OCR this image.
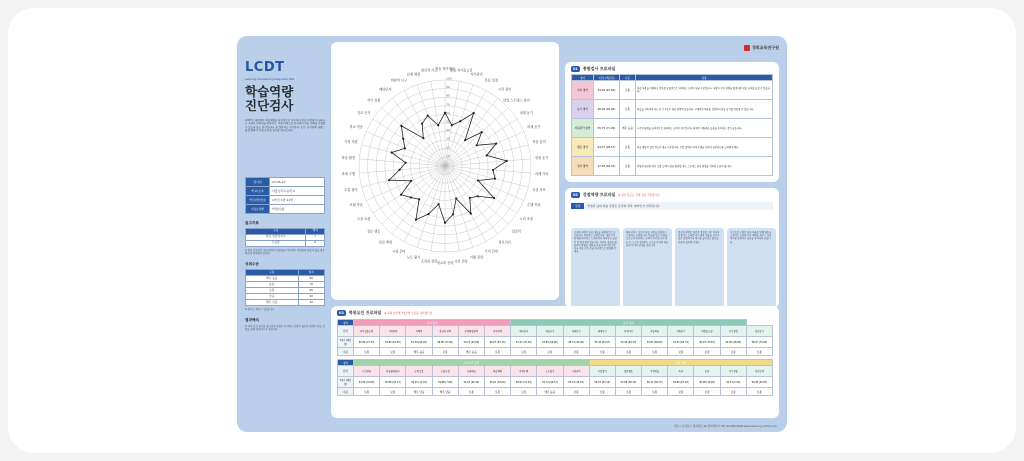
LCDT
Learning Competency Diagnostic Test
학습역량
진단검사
LCDT는 대학생의 학습역량을 다각적으로 진단하여 학습 과정에서 나타나는 강점과 보완점을 파악하고, 이를 바탕으로 효과적인 학습 전략을 수립할 수 있도록 돕는 검사입니다. 본 결과지는 자기관리, 동기, 인지전략, 행동, 환경 영역의 하위 요인별 점수를 제시합니다.
검사일	23-05-27
학교/소속	서울성덕고등학교
학년/반/번호	1학년 1반 11번
이름/성별	학생이/남
참고자료
구분	해석
반응 일관성지수	Y
무응답	0
※ 반응 일관성은 응답 방식의 일관성을 의미하며, 비일관적 응답이 많을 경우 해석에 유의해야 합니다.
성취수준
구분	점수
매우 높음	80
높음	70
보통	60
낮음	40
매우 낮음	30
※ 점수는 T점수 기준입니다.
결과해석
※ 하위 요인 점수를 참고하여 강점은 유지하고 보완이 필요한 영역은 학습 전략을 통해 개선하시기 바랍니다.
10
20
30
40
50
60
70
80
90
100
학습 자아개념
학업 자기효능감
자기관리
목표 설정
시간 관리
학업 스트레스 관리
내재 동기
외재 동기
학습 흥미
성취 동기
과제 가치
숙달 목표
수행 목표
노력 조절
집중력
정보처리
기억 전략
이해 전략
시연 전략
정교화 전략
조직화 전략
노트 필기
시험 준비
학습 계획
질문 행동
도움 요청
또래 학습
수업 참여
과제 수행
학습 환경
가정 지원
학교 적응
진로 인식
자기 성찰
메타인지
비판적 사고
문제 해결
창의적 사고
경희교육연구원
01	종합검사 프로파일
영역	T점수(백분위)	수준	설명
인지 영역	54.44 (67.00)	보통	학습 내용을 이해하고 정보를 효율적으로 처리하는 능력이 평균 수준입니다. 다양한 인지 전략을 활용하면 학습 효과를 높일 수 있습니다.
동기 영역	48.29 (44.00)	보통	학습을 지속하게 하는 동기 수준이 평균 범위에 있습니다. 구체적인 목표를 설정하여 학습 동기를 강화할 수 있습니다.
자원관리 영역	55.75 (71.00)	매우 높음	시간과 환경을 효과적으로 관리하는 능력이 우수합니다. 현재의 자원관리 습관을 유지하는 것이 좋습니다.
행동 영역	44.47 (28.57)	보통	학습 행동의 실천 정도가 평균 수준입니다. 수업 참여와 과제 수행을 꾸준히 실천하도록 노력해 보세요.
정서 영역	47.93 (42.47)	보통	학업과 관련된 정서 조절 능력이 평균 범위입니다. 스트레스 관리 방법을 익히면 도움이 됩니다.
02	강점역량 프로파일 ※ 점수 분포는 전체 집단 기준입니다.
강점	학생이 님의 학습 강점은 조직화 전략, 메타인지 전략입니다.
조직화 전략은 학습 내용을 체계적으로 구조화하고 정리하는 능력입니다. 개념 간의 관계를 파악하고 도식화하여 정리하는 습관이 잘 형성되어 있습니다. 이러한 강점을 활용하여 복잡한 내용을 학습할 때 마인드맵이나 개요 작성 등을 적극적으로 활용해 보세요.
메타인지는 자신의 학습 과정을 점검하고 조절하는 능력입니다. 무엇을 알고 무엇을 모르는지 파악하는 능력이 우수합니다. 학습 후 스스로 점검하는 시간을 가지면 학습 효과가 더욱 향상될 것입니다.
정교화 전략은 새로운 정보를 기존 지식과 연결하는 능력입니다. 배운 내용을 자신의 말로 설명하거나 예시를 들어보는 활동을 꾸준히 실천해 보세요.
자기조절 능력은 학습 목표를 향해 행동을 조절하는 능력입니다. 계획을 세우고 실천 여부를 점검하는 습관을 유지하면 좋습니다.
03	학위요인 프로파일 ※ 하위 요인별 T점수와 수준을 나타냅니다.
영역	인지 영역						동기 영역									
요인	주의집중능력	기억전략	이해력	정교화 전략	문제해결전략	인지전략	메타인지	학습동기	내재동기	외재동기	과제가치	숙달목표	성취동기	학업효능감	자기결정	진로동기
T점수 (백분위)	50.86 (47.33)	53.82 (61.00)	51.39 (64.00)	46.89 (37.00)	40.73 (23.00)	62.07 (87.33)	57.47 (70.40)	53.83 (56.00)	48.71 (44.00)	53.43 (63.67)	50.46 (49.33)	54.03 (66.00)	54.33 (66.79)	46.03 (33.67)	42.09 (18.00)	58.07 (75.00)
수준	보통	보통	매우 높음	보통	매우 높음	보통	보통	보통	보통	보통	보통	보통	보통	보통	보통	보통
영역	자원관리 영역									행동 영역						
요인	시간관리	학습환경관리	노력조절	도움요청	또래학습	학습계획	과제수행	노트필기	시험준비	수업참여	질문행동	가정학습	독서	토론	자기성찰	진로탐색
T점수 (백분위)	44.06 (31.00)	50.88 (45.13)	39.25 (11.33)	39.68 (7.00)	44.03 (20.40)	52.67 (54.00)	48.93 (71.54)	54.74 (64.71)	55.70 (46.67)	54.53 (67.14)	47.88 (38.72)	56.11 (56.73)	59.86 (67.18)	45.08 (32.00)	42.73 (2.54)	50.28 (51.87)
수준	보통	보통	매우 낮음	매우 낮음	보통	보통	보통	매우 높음	보통	보통	보통	보통	보통	보통	보통	보통
서울시 동대문구 경희대로 26 경희대학교 TEL 02-000-0000 www.learning-center.com
